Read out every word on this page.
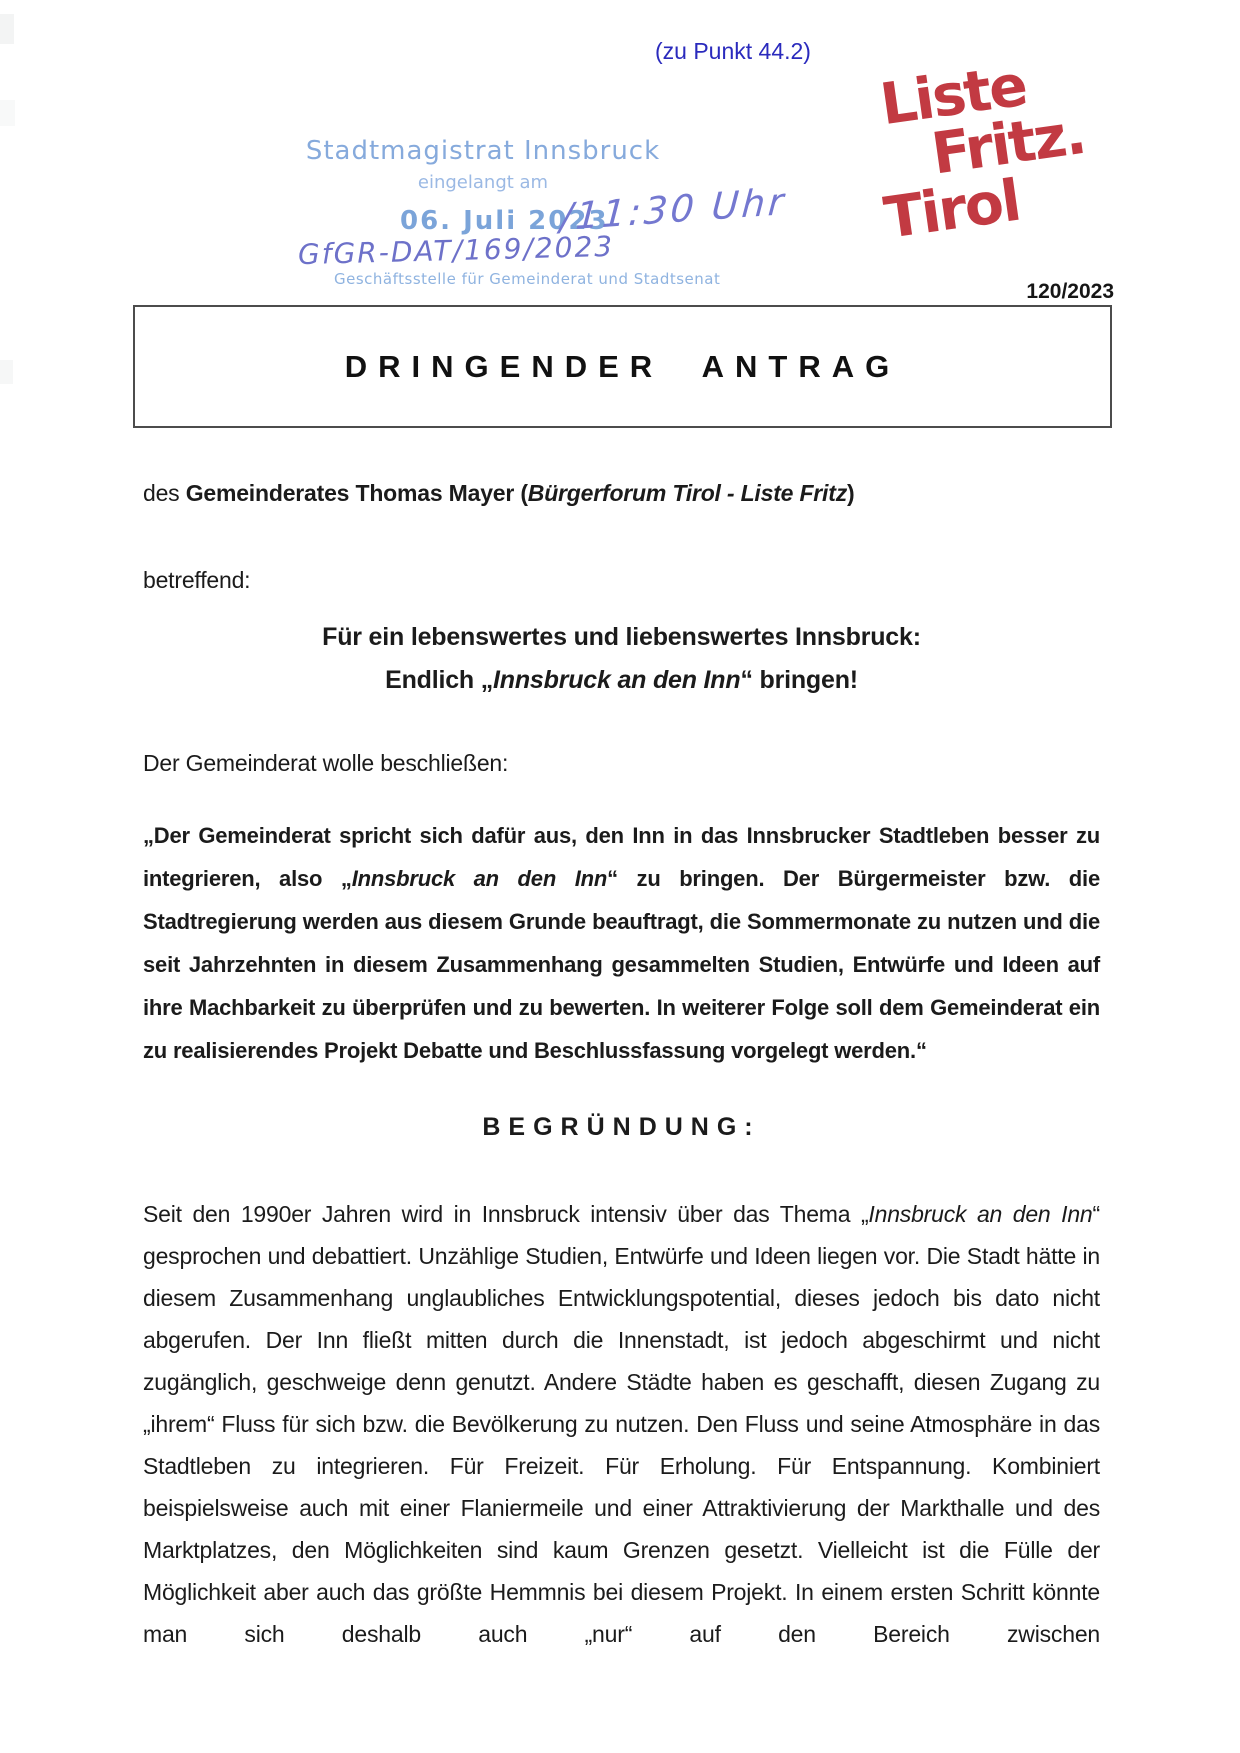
(zu Punkt 44.2)
Liste
Fritz.
Tirol
Stadtmagistrat Innsbruck
eingelangt am
06. Juli 2023
/11:30 Uhr
GfGR-DAT/169/2023
Geschäftsstelle für Gemeinderat und Stadtsenat
120/2023
DRINGENDER ANTRAG
des Gemeinderates Thomas Mayer (Bürgerforum Tirol - Liste Fritz)
betreffend:
Für ein lebenswertes und liebenswertes Innsbruck:
Endlich „Innsbruck an den Inn“ bringen!
Der Gemeinderat wolle beschließen:
„Der Gemeinderat spricht sich dafür aus, den Inn in das Innsbrucker Stadtleben besser zu integrieren, also „Innsbruck an den Inn“ zu bringen. Der Bürgermeister bzw. die Stadtregierung werden aus diesem Grunde beauftragt, die Sommermonate zu nutzen und die seit Jahrzehnten in diesem Zusammenhang gesammelten Studien, Entwürfe und Ideen auf ihre Machbarkeit zu überprüfen und zu bewerten. In weiterer Folge soll dem Gemeinderat ein zu realisierendes Projekt Debatte und Beschlussfassung vorgelegt werden.“
BEGRÜNDUNG:
Seit den 1990er Jahren wird in Innsbruck intensiv über das Thema „Innsbruck an den Inn“ gesprochen und debattiert. Unzählige Studien, Entwürfe und Ideen liegen vor. Die Stadt hätte in diesem Zusammenhang unglaubliches Entwicklungspotential, dieses jedoch bis dato nicht abgerufen. Der Inn fließt mitten durch die Innenstadt, ist jedoch abgeschirmt und nicht zugänglich, geschweige denn genutzt. Andere Städte haben es geschafft, diesen Zugang zu „ihrem“ Fluss für sich bzw. die Bevölkerung zu nutzen. Den Fluss und seine Atmosphäre in das Stadtleben zu integrieren. Für Freizeit. Für Erholung. Für Entspannung. Kombiniert beispielsweise auch mit einer Flaniermeile und einer Attraktivierung der Markthalle und des Marktplatzes, den Möglichkeiten sind kaum Grenzen gesetzt. Vielleicht ist die Fülle der Möglichkeit aber auch das größte Hemmnis bei diesem Projekt. In einem ersten Schritt könnte man sich deshalb auch „nur“ auf den Bereich zwischen
